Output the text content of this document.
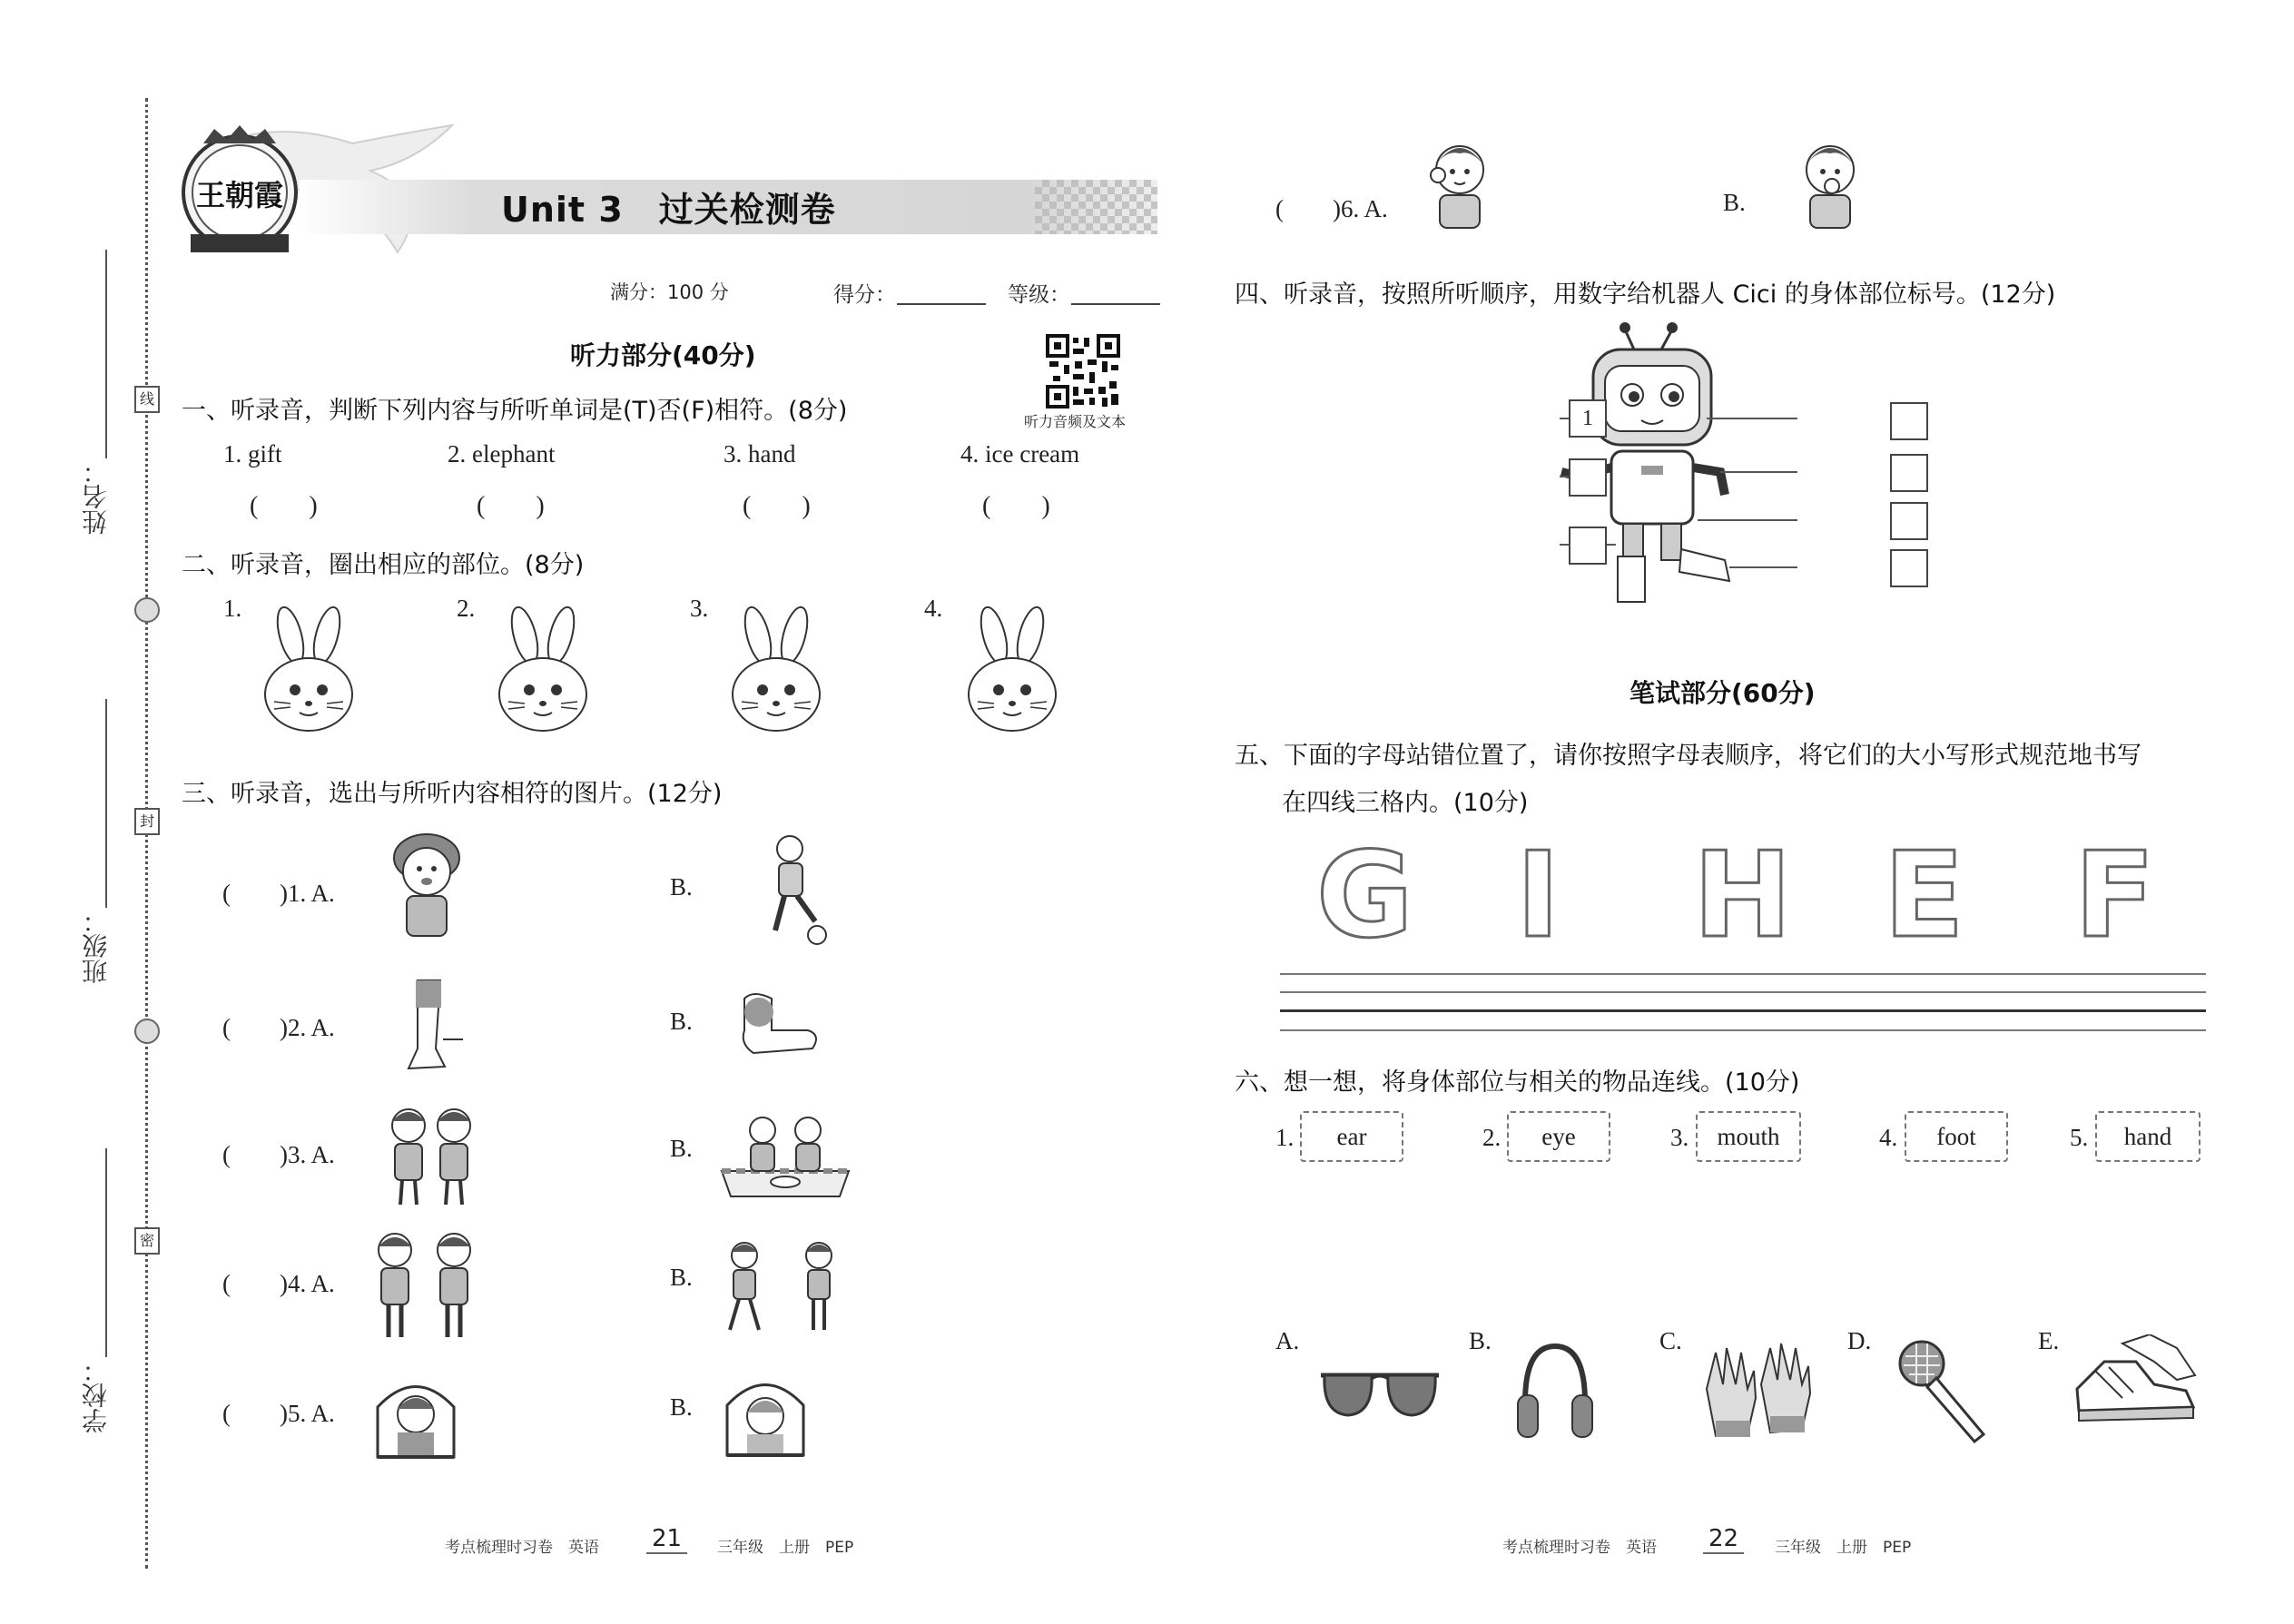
姓名：
班级：
学校：
线
封
密
王朝霞	Unit 3　过关检测卷
满分：100 分	得分：	等级：
听力音频及文本
听力部分(40分)
一、听录音，判断下列内容与所听单词是(T)否(F)相符。(8分)
1. gift	2. elephant	3. hand	4. ice cream
(　　)	(　　)	(　　)	(　　)
二、听录音，圈出相应的部位。(8分)
1.	2.	3.	4.
三、听录音，选出与所听内容相符的图片。(12分)
(　　)1. A.	B.
(　　)2. A.	B.
(　　)3. A.	B.
(　　)4. A.	B.
(　　)5. A.	B.
(　　)6. A.	B.
四、听录音，按照所听顺序，用数字给机器人 Cici 的身体部位标号。(12分)
1
笔试部分(60分)
五、下面的字母站错位置了，请你按照字母表顺序，将它们的大小写形式规范地书写
在四线三格内。(10分)
G I H E F
六、想一想，将身体部位与相关的物品连线。(10分)
1.	ear	2.	eye	3.	mouth	4.	foot	5.	hand
A.	B.	C.	D.	E.
考点梳理时习卷　英语 21	三年级　上册　PEP	考点梳理时习卷　英语 22	三年级　上册　PEP
